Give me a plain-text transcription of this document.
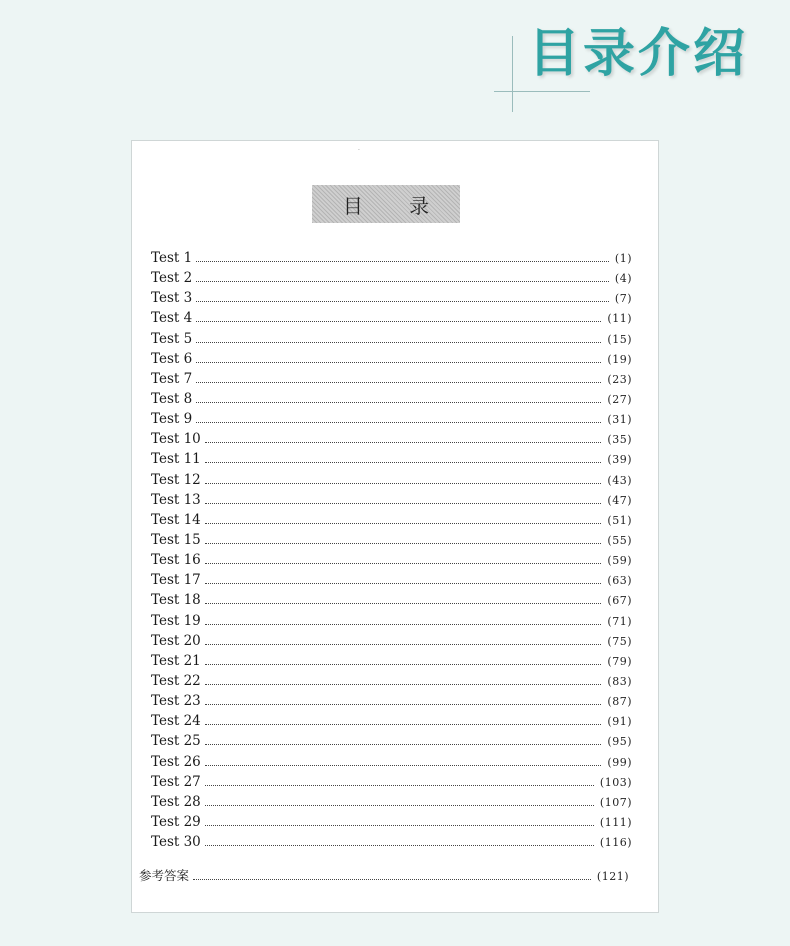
目录介绍
·
目 录
Test 1	(1)
Test 2	(4)
Test 3	(7)
Test 4	(11)
Test 5	(15)
Test 6	(19)
Test 7	(23)
Test 8	(27)
Test 9	(31)
Test 10	(35)
Test 11	(39)
Test 12	(43)
Test 13	(47)
Test 14	(51)
Test 15	(55)
Test 16	(59)
Test 17	(63)
Test 18	(67)
Test 19	(71)
Test 20	(75)
Test 21	(79)
Test 22	(83)
Test 23	(87)
Test 24	(91)
Test 25	(95)
Test 26	(99)
Test 27	(103)
Test 28	(107)
Test 29	(111)
Test 30	(116)
参考答案	(121)
